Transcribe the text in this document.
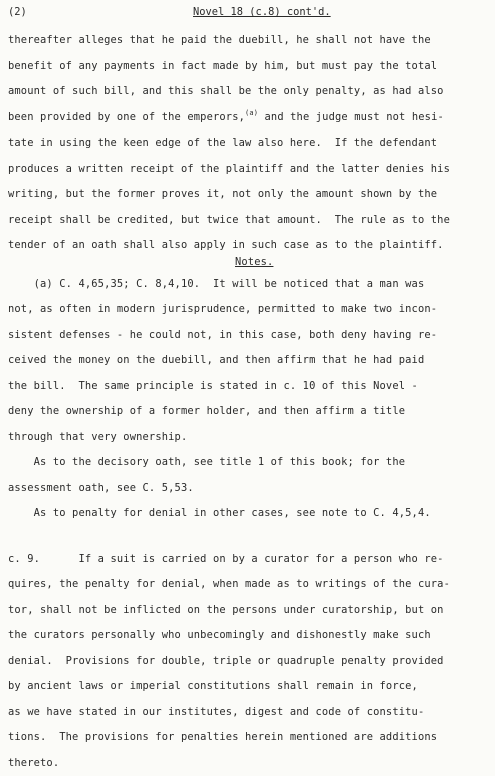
(2)	Novel 18 (c.8) cont'd.
thereafter alleges that he paid the duebill, he shall not have the
benefit of any payments in fact made by him, but must pay the total
amount of such bill, and this shall be the only penalty, as had also
been provided by one of the emperors,$^{(a)}$ and the judge must not hesi-
tate in using the keen edge of the law also here.  If the defendant
produces a written receipt of the plaintiff and the latter denies his
writing, but the former proves it, not only the amount shown by the
receipt shall be credited, but twice that amount.  The rule as to the
tender of an oath shall also apply in such case as to the plaintiff.
Notes.
(a) C. 4,65,35; C. 8,4,10.  It will be noticed that a man was
not, as often in modern jurisprudence, permitted to make two incon-
sistent defenses - he could not, in this case, both deny having re-
ceived the money on the duebill, and then affirm that he had paid
the bill.  The same principle is stated in c. 10 of this Novel -
deny the ownership of a former holder, and then affirm a title
through that very ownership.
As to the decisory oath, see title 1 of this book; for the
assessment oath, see C. 5,53.
As to penalty for denial in other cases, see note to C. 4,5,4.
c. 9.      If a suit is carried on by a curator for a person who re-
quires, the penalty for denial, when made as to writings of the cura-
tor, shall not be inflicted on the persons under curatorship, but on
the curators personally who unbecomingly and dishonestly make such
denial.  Provisions for double, triple or quadruple penalty provided
by ancient laws or imperial constitutions shall remain in force,
as we have stated in our institutes, digest and code of constitu-
tions.  The provisions for penalties herein mentioned are additions
thereto.
